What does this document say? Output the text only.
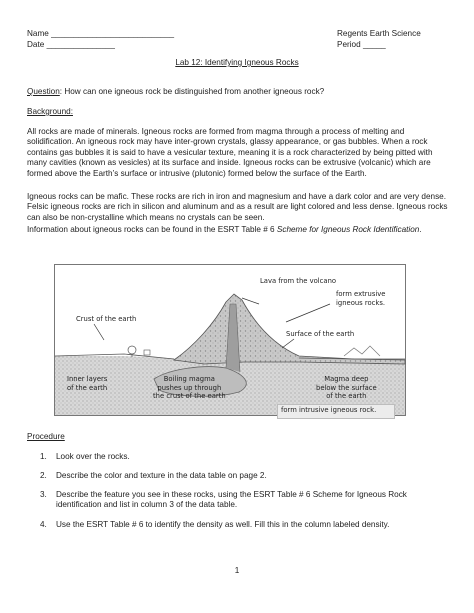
Name ___________________________
Date _______________
Regents Earth Science
Period _____
Lab 12: Identifying Igneous Rocks
Question: How can one igneous rock be distinguished from another igneous rock?
Background:

All rocks are made of minerals. Igneous rocks are formed from magma through a process of melting and solidification. An igneous rock may have inter-grown crystals, glassy appearance, or gas bubbles. When a rock contains gas bubbles it is said to have a vesicular texture, meaning it is a rock characterized by being pitted with many cavities (known as vesicles) at its surface and inside. Igneous rocks can be extrusive (volcanic) which are formed above the Earth’s surface or intrusive (plutonic) formed below the surface of the Earth.

Igneous rocks can be mafic. These rocks are rich in iron and magnesium and have a dark color and are very dense. Felsic igneous rocks are rich in silicon and aluminum and as a result are light colored and less dense. Igneous rocks can also be non-crystalline which means no crystals can be seen.

Information about igneous rocks can be found in the ESRT Table # 6 Scheme for Igneous Rock Identification.

Lava from the volcano
form extrusive
igneous rocks.
Crust of the earth
Surface of the earth
Inner layers
of the earth
Boiling magma
pushes up through
the crust of the earth
Magma deep
below the surface
of the earth
form intrusive igneous rock.
Procedure
1. Look over the rocks.
2. Describe the color and texture in the data table on page 2.
3.	Describe the feature you see in these rocks, using the ESRT Table # 6 Scheme for Igneous Rock identification and list in column 3 of the data table.
4.	Use the ESRT Table # 6 to identify the density as well. Fill this in the column labeled density.
1
